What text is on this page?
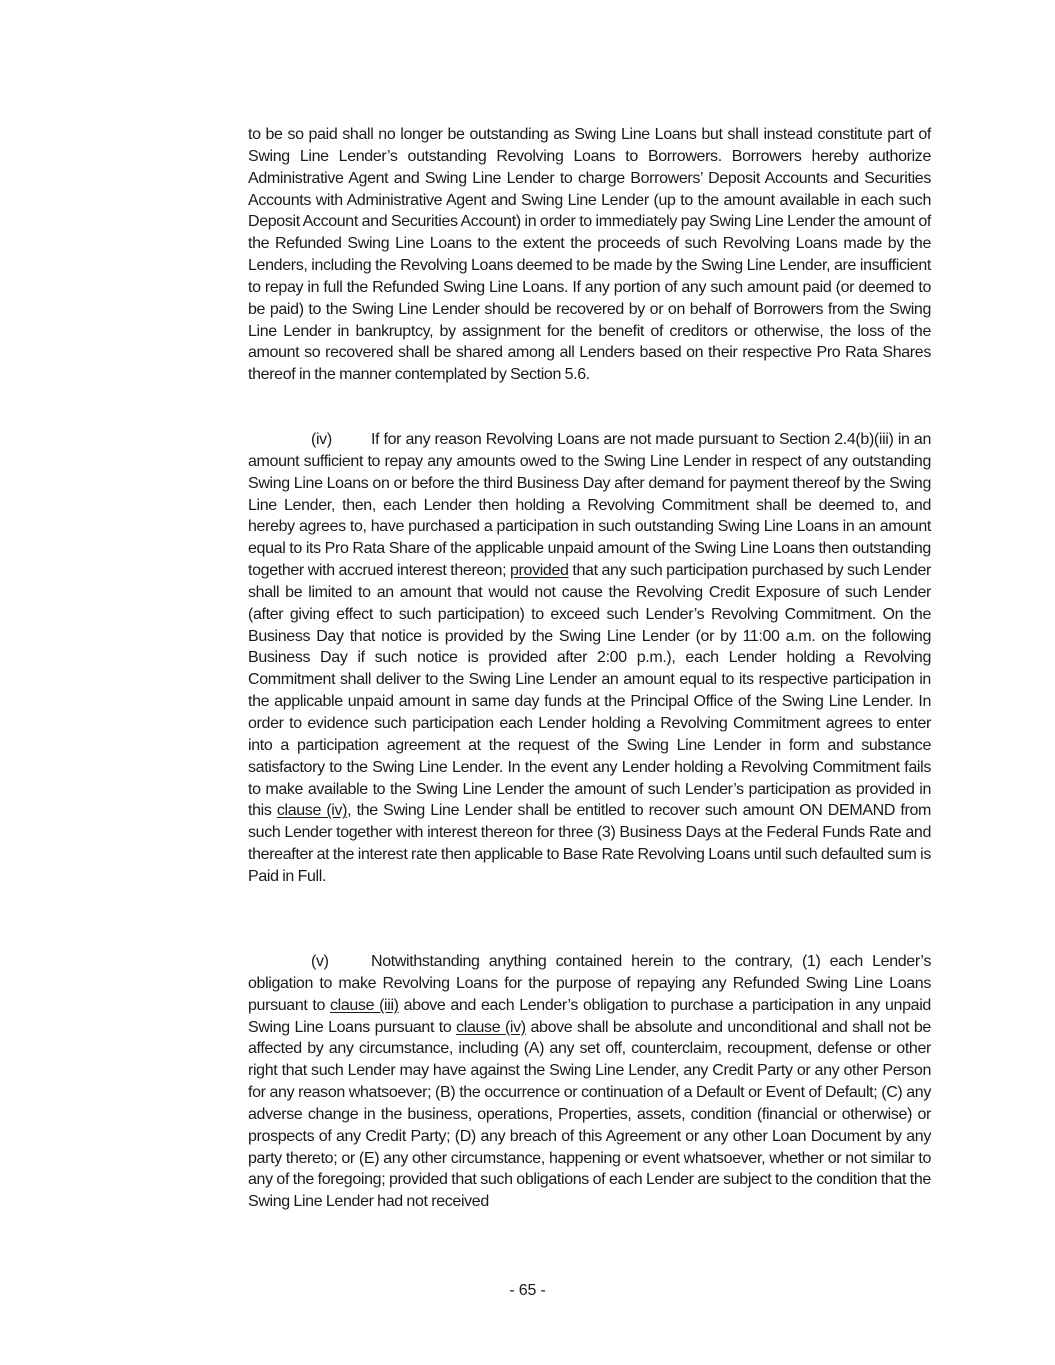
to be so paid shall no longer be outstanding as Swing Line Loans but shall instead constitute part of Swing Line Lender’s outstanding Revolving Loans to Borrowers. Borrowers hereby authorize Administrative Agent and Swing Line Lender to charge Borrowers’ Deposit Accounts and Securities Accounts with Administrative Agent and Swing Line Lender (up to the amount available in each such Deposit Account and Securities Account) in order to immediately pay Swing Line Lender the amount of the Refunded Swing Line Loans to the extent the proceeds of such Revolving Loans made by the Lenders, including the Revolving Loans deemed to be made by the Swing Line Lender, are insufficient to repay in full the Refunded Swing Line Loans. If any portion of any such amount paid (or deemed to be paid) to the Swing Line Lender should be recovered by or on behalf of Borrowers from the Swing Line Lender in bankruptcy, by assignment for the benefit of creditors or otherwise, the loss of the amount so recovered shall be shared among all Lenders based on their respective Pro Rata Shares thereof in the manner contemplated by Section 5.6.

(iv) If for any reason Revolving Loans are not made pursuant to Section 2.4(b)(iii) in an amount sufficient to repay any amounts owed to the Swing Line Lender in respect of any outstanding Swing Line Loans on or before the third Business Day after demand for payment thereof by the Swing Line Lender, then, each Lender then holding a Revolving Commitment shall be deemed to, and hereby agrees to, have purchased a participation in such outstanding Swing Line Loans in an amount equal to its Pro Rata Share of the applicable unpaid amount of the Swing Line Loans then outstanding together with accrued interest thereon; provided that any such participation purchased by such Lender shall be limited to an amount that would not cause the Revolving Credit Exposure of such Lender (after giving effect to such participation) to exceed such Lender’s Revolving Commitment. On the Business Day that notice is provided by the Swing Line Lender (or by 11:00 a.m. on the following Business Day if such notice is provided after 2:00 p.m.), each Lender holding a Revolving Commitment shall deliver to the Swing Line Lender an amount equal to its respective participation in the applicable unpaid amount in same day funds at the Principal Office of the Swing Line Lender. In order to evidence such participation each Lender holding a Revolving Commitment agrees to enter into a participation agreement at the request of the Swing Line Lender in form and substance satisfactory to the Swing Line Lender. In the event any Lender holding a Revolving Commitment fails to make available to the Swing Line Lender the amount of such Lender’s participation as provided in this clause (iv), the Swing Line Lender shall be entitled to recover such amount ON DEMAND from such Lender together with interest thereon for three (3) Business Days at the Federal Funds Rate and thereafter at the interest rate then applicable to Base Rate Revolving Loans until such defaulted sum is Paid in Full.

(v)	Notwithstanding anything contained herein to the contrary, (1) each Lender’s obligation to make Revolving Loans for the purpose of repaying any Refunded Swing Line Loans pursuant to clause (iii) above and each Lender’s obligation to purchase a participation in any unpaid Swing Line Loans pursuant to clause (iv) above shall be absolute and unconditional and shall not be affected by any circumstance, including (A) any set off, counterclaim, recoupment, defense or other right that such Lender may have against the Swing Line Lender, any Credit Party or any other Person for any reason whatsoever; (B) the occurrence or continuation of a Default or Event of Default; (C) any adverse change in the business, operations, Properties, assets, condition (financial or otherwise) or prospects of any Credit Party; (D) any breach of this Agreement or any other Loan Document by any party thereto; or (E) any other circumstance, happening or event whatsoever, whether or not similar to any of the foregoing; provided that such obligations of each Lender are subject to the condition that the Swing Line Lender had not received

- 65 -
